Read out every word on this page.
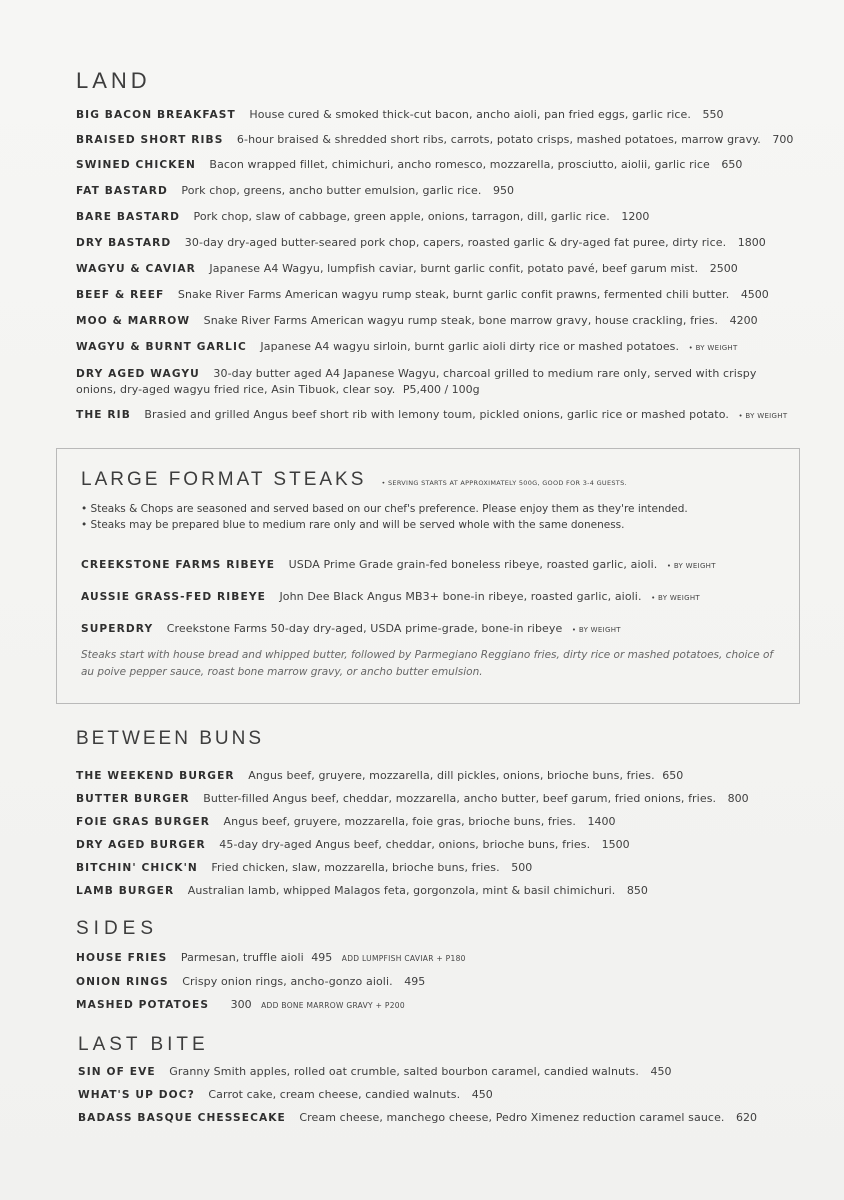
LAND
BIG BACON BREAKFAST House cured & smoked thick-cut bacon, ancho aioli, pan fried eggs, garlic rice. 550
BRAISED SHORT RIBS 6-hour braised & shredded short ribs, carrots, potato crisps, mashed potatoes, marrow gravy. 700
SWINED CHICKEN Bacon wrapped fillet, chimichuri, ancho romesco, mozzarella, prosciutto, aiolii, garlic rice 650
FAT BASTARD Pork chop, greens, ancho butter emulsion, garlic rice. 950
BARE BASTARD Pork chop, slaw of cabbage, green apple, onions, tarragon, dill, garlic rice. 1200
DRY BASTARD 30-day dry-aged butter-seared pork chop, capers, roasted garlic & dry-aged fat puree, dirty rice. 1800
WAGYU & CAVIAR Japanese A4 Wagyu, lumpfish caviar, burnt garlic confit, potato pavé, beef garum mist. 2500
BEEF & REEF Snake River Farms American wagyu rump steak, burnt garlic confit prawns, fermented chili butter. 4500
MOO & MARROW Snake River Farms American wagyu rump steak, bone marrow gravy, house crackling, fries. 4200
WAGYU & BURNT GARLIC Japanese A4 wagyu sirloin, burnt garlic aioli dirty rice or mashed potatoes. • BY WEIGHT
DRY AGED WAGYU 30-day butter aged A4 Japanese Wagyu, charcoal grilled to medium rare only, served with crispy onions, dry-aged wagyu fried rice, Asin Tibuok, clear soy. P5,400 / 100g
THE RIB Brasied and grilled Angus beef short rib with lemony toum, pickled onions, garlic rice or mashed potato. • BY WEIGHT
LARGE FORMAT STEAKS • SERVING STARTS AT APPROXIMATELY 500G, GOOD FOR 3-4 GUESTS.
• Steaks & Chops are seasoned and served based on our chef's preference. Please enjoy them as they're intended.
• Steaks may be prepared blue to medium rare only and will be served whole with the same doneness.
CREEKSTONE FARMS RIBEYE USDA Prime Grade grain-fed boneless ribeye, roasted garlic, aioli. • BY WEIGHT
AUSSIE GRASS-FED RIBEYE John Dee Black Angus MB3+ bone-in ribeye, roasted garlic, aioli. • BY WEIGHT
SUPERDRY Creekstone Farms 50-day dry-aged, USDA prime-grade, bone-in ribeye • BY WEIGHT
Steaks start with house bread and whipped butter, followed by Parmegiano Reggiano fries, dirty rice or mashed potatoes, choice of au poive pepper sauce, roast bone marrow gravy, or ancho butter emulsion.
BETWEEN BUNS
THE WEEKEND BURGER Angus beef, gruyere, mozzarella, dill pickles, onions, brioche buns, fries. 650
BUTTER BURGER Butter-filled Angus beef, cheddar, mozzarella, ancho butter, beef garum, fried onions, fries. 800
FOIE GRAS BURGER Angus beef, gruyere, mozzarella, foie gras, brioche buns, fries. 1400
DRY AGED BURGER 45-day dry-aged Angus beef, cheddar, onions, brioche buns, fries. 1500
BITCHIN' CHICK'N Fried chicken, slaw, mozzarella, brioche buns, fries. 500
LAMB BURGER Australian lamb, whipped Malagos feta, gorgonzola, mint & basil chimichuri. 850
SIDES
HOUSE FRIES Parmesan, truffle aioli 495 ADD LUMPFISH CAVIAR + P180
ONION RINGS Crispy onion rings, ancho-gonzo aioli. 495
MASHED POTATOES 300 ADD BONE MARROW GRAVY + P200
LAST BITE
SIN OF EVE Granny Smith apples, rolled oat crumble, salted bourbon caramel, candied walnuts. 450
WHAT'S UP DOC? Carrot cake, cream cheese, candied walnuts. 450
BADASS BASQUE CHESSECAKE Cream cheese, manchego cheese, Pedro Ximenez reduction caramel sauce. 620
